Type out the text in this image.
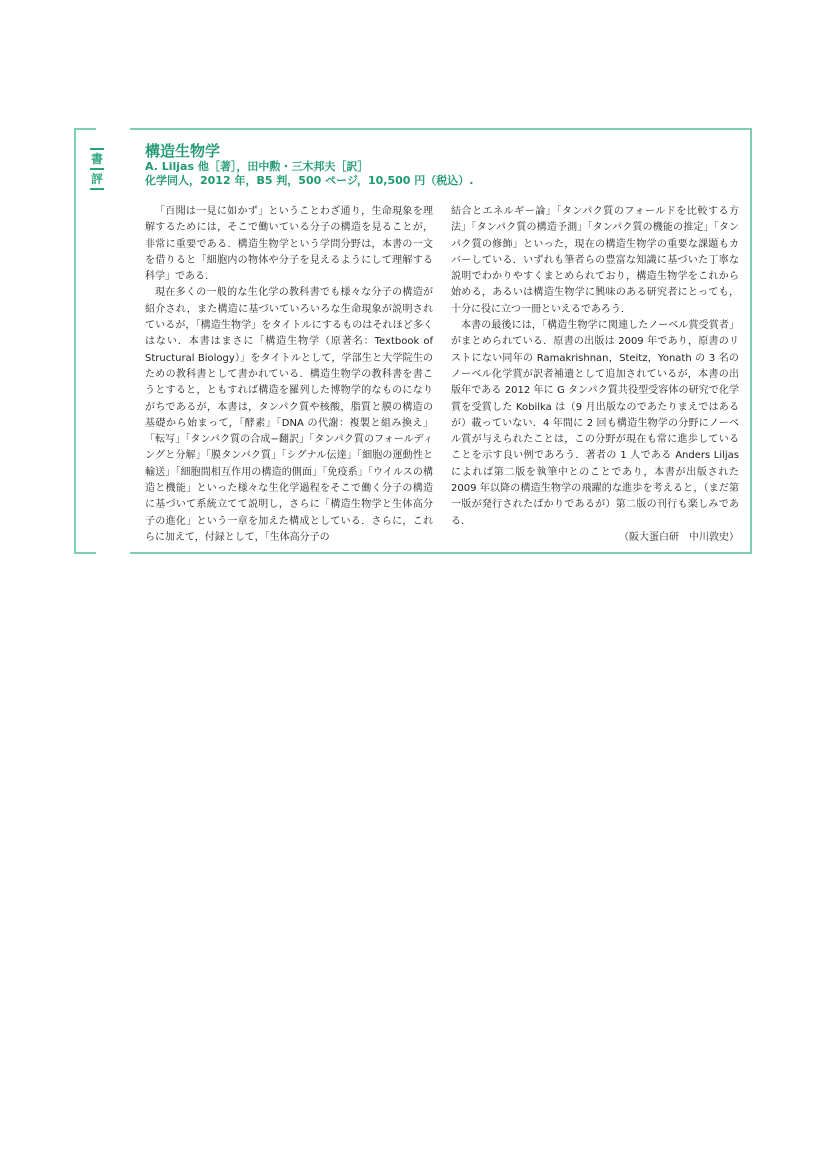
書
評
構造生物学
A. Liljas 他［著］，田中勲・三木邦夫［訳］
化学同人，2012 年，B5 判，500 ページ，10,500 円（税込）.

「百聞は一見に如かず」ということわざ通り，生命現象を理解するためには，そこで働いている分子の構造を見ることが，非常に重要である．構造生物学という学問分野は，本書の一文を借りると「細胞内の物体や分子を見えるようにして理解する科学」である．

現在多くの一般的な生化学の教科書でも様々な分子の構造が紹介され，また構造に基づいていろいろな生命現象が説明されているが，「構造生物学」をタイトルにするものはそれほど多くはない．本書はまさに「構造生物学（原著名：Textbook of Structural Biology）」をタイトルとして，学部生と大学院生のための教科書として書かれている．構造生物学の教科書を書こうとすると，ともすれば構造を羅列した博物学的なものになりがちであるが，本書は，タンパク質や核酸，脂質と膜の構造の基礎から始まって，「酵素」「DNA の代謝：複製と組み換え」「転写」「タンパク質の合成−翻訳」「タンパク質のフォールディングと分解」「膜タンパク質」「シグナル伝達」「細胞の運動性と輸送」「細胞間相互作用の構造的側面」「免疫系」「ウイルスの構造と機能」といった様々な生化学過程をそこで働く分子の構造に基づいて系統立てて説明し，さらに「構造生物学と生体高分子の進化」という一章を加えた構成としている．さらに，これらに加えて，付録として，「生体高分子の

結合とエネルギー論」「タンパク質のフォールドを比較する方法」「タンパク質の構造予測」「タンパク質の機能の推定」「タンパク質の修飾」といった，現在の構造生物学の重要な課題もカバーしている．いずれも筆者らの豊富な知識に基づいた丁寧な説明でわかりやすくまとめられており，構造生物学をこれから始める，あるいは構造生物学に興味のある研究者にとっても，十分に役に立つ一冊といえるであろう．

本書の最後には，「構造生物学に関連したノーベル賞受賞者」がまとめられている．原書の出版は 2009 年であり，原書のリストにない同年の Ramakrishnan，Steitz，Yonath の 3 名のノーベル化学賞が訳者補遺として追加されているが，本書の出版年である 2012 年に G タンパク質共役型受容体の研究で化学賞を受賞した Kobilka は（9 月出版なのであたりまえではあるが）載っていない．4 年間に 2 回も構造生物学の分野にノーベル賞が与えられたことは，この分野が現在も常に進歩していることを示す良い例であろう．著者の 1 人である Anders Liljas によれば第二版を執筆中とのことであり，本書が出版された 2009 年以降の構造生物学の飛躍的な進歩を考えると，（まだ第一版が発行されたばかりであるが）第二版の刊行も楽しみである．

（阪大蛋白研　中川敦史）
